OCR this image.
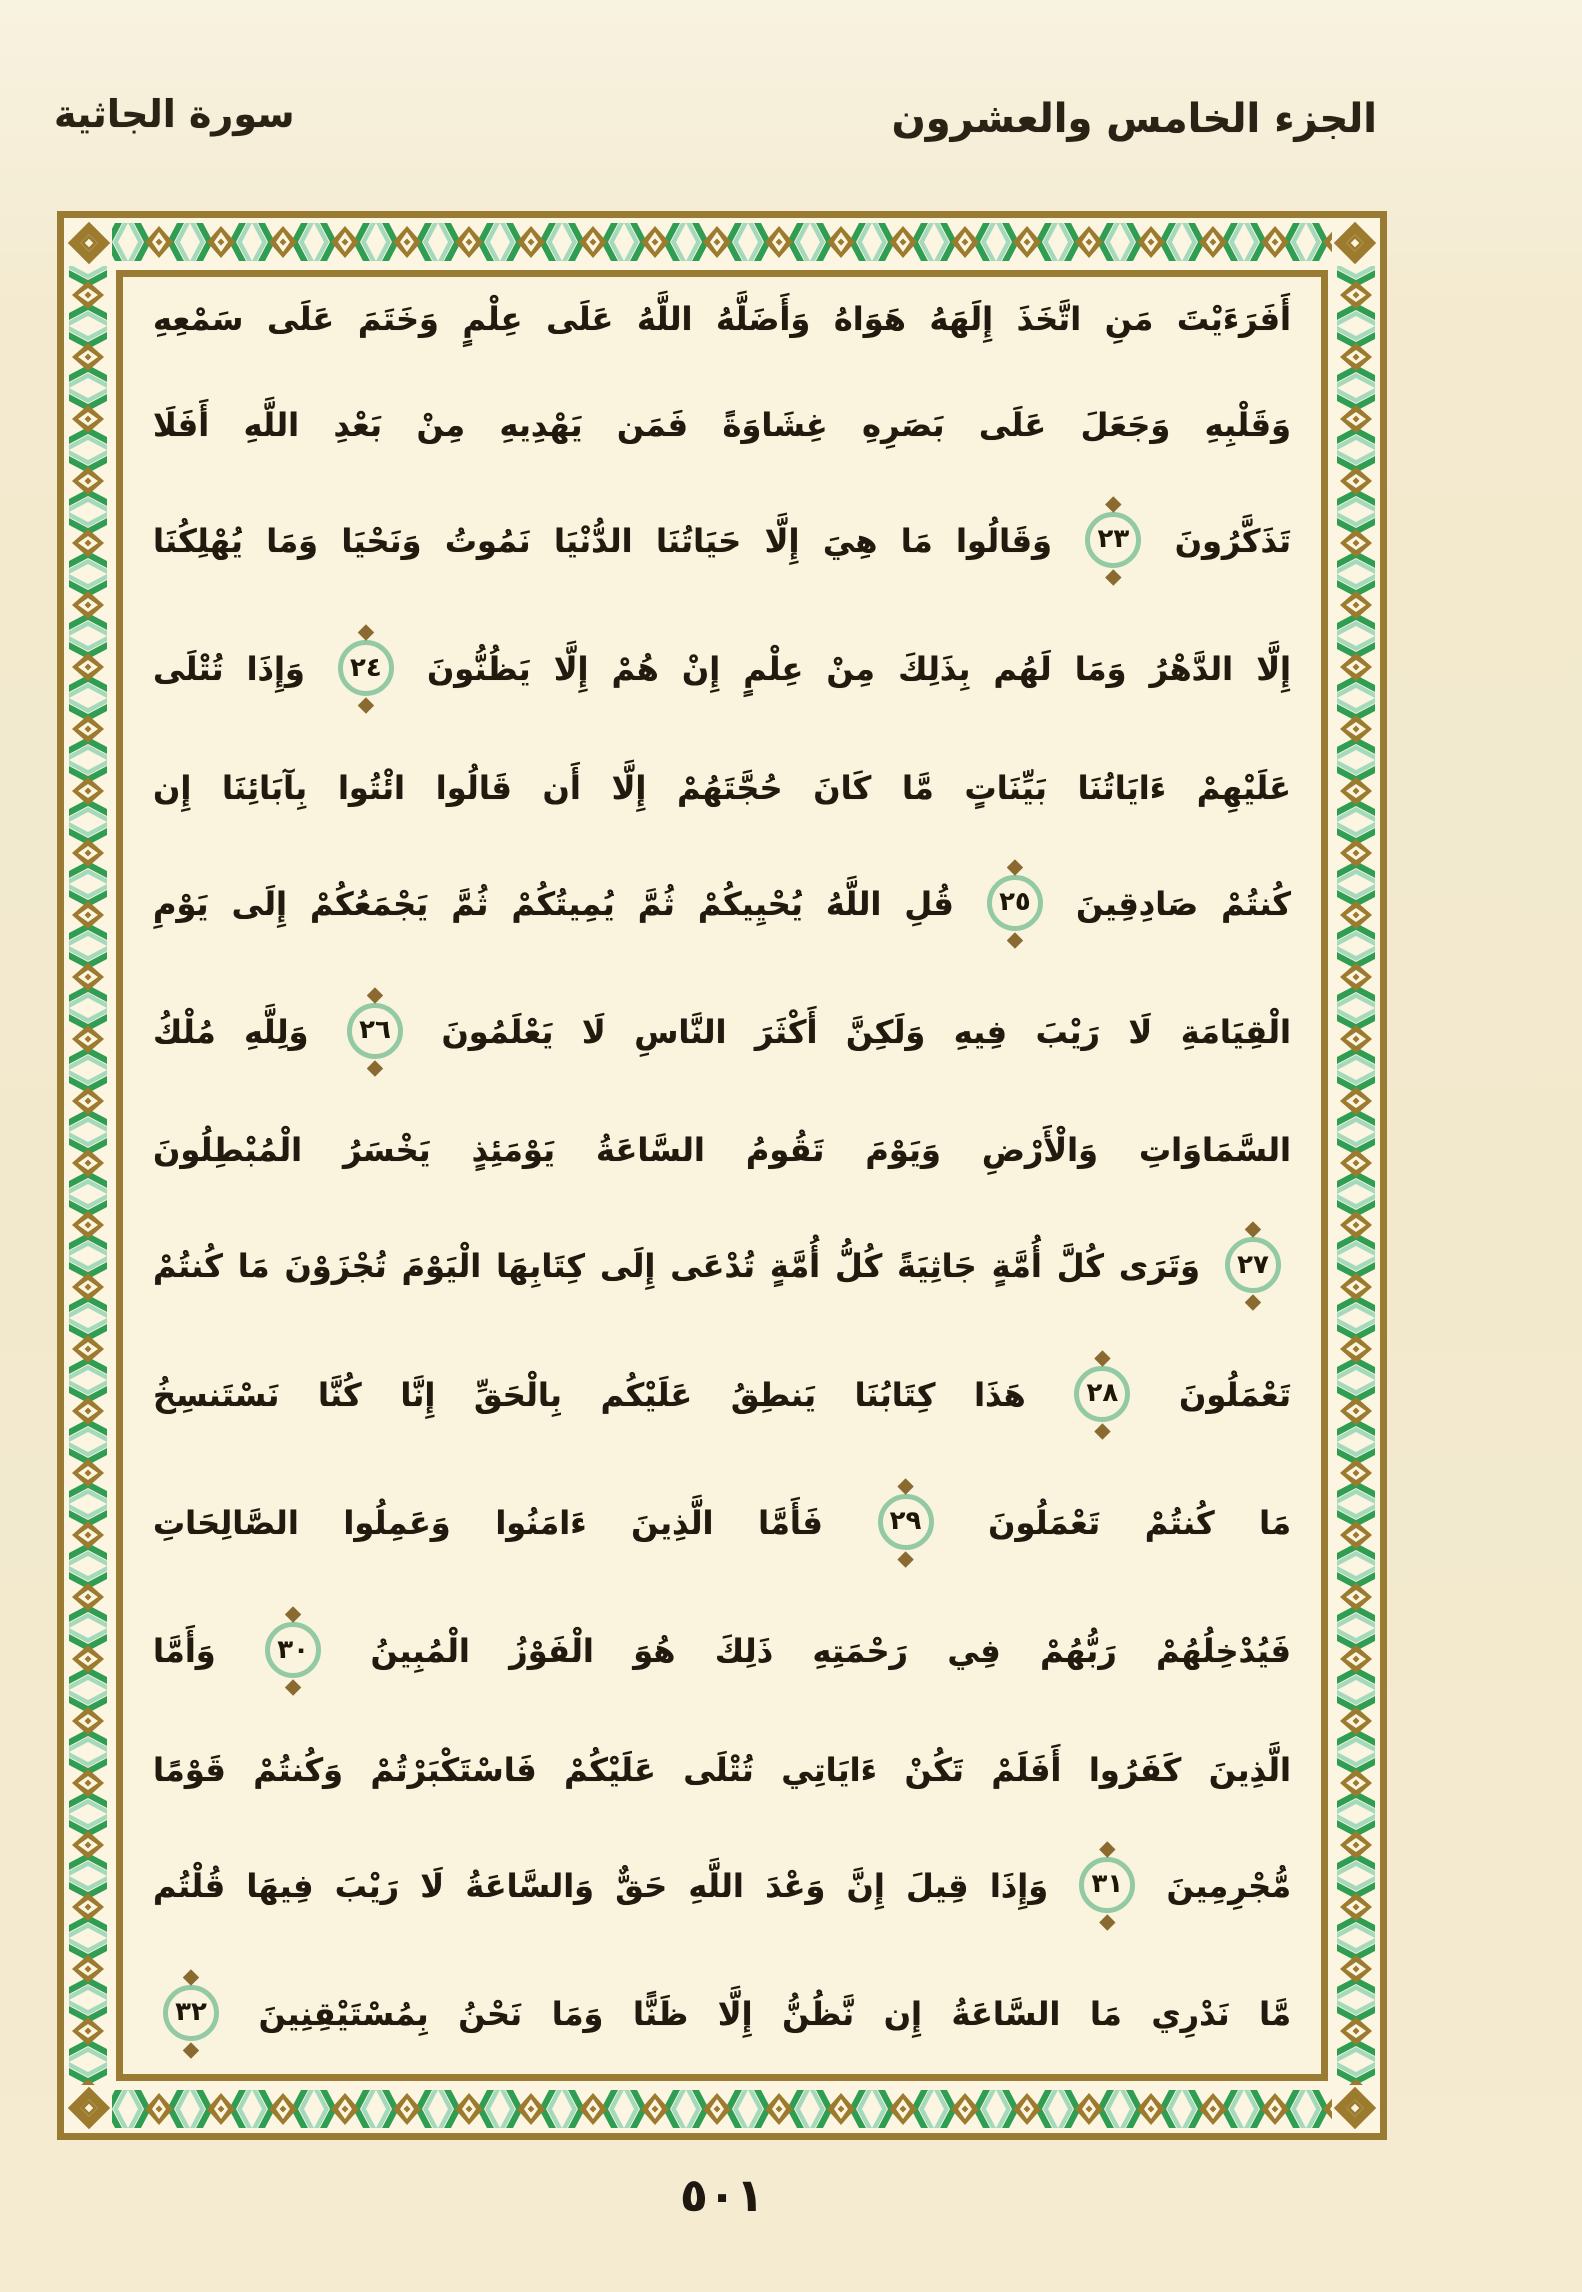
الجزء الخامس والعشرون
سورة الجاثية
أَفَرَءَيْتَ مَنِ اتَّخَذَ إِلَهَهُ هَوَاهُ وَأَضَلَّهُ اللَّهُ عَلَى عِلْمٍ وَخَتَمَ عَلَى سَمْعِهِ
وَقَلْبِهِ وَجَعَلَ عَلَى بَصَرِهِ غِشَاوَةً فَمَن يَهْدِيهِ مِنْ بَعْدِ اللَّهِ أَفَلَا
تَذَكَّرُونَ ◆ ٢٣ ◆ وَقَالُوا مَا هِيَ إِلَّا حَيَاتُنَا الدُّنْيَا نَمُوتُ وَنَحْيَا وَمَا يُهْلِكُنَا
إِلَّا الدَّهْرُ وَمَا لَهُم بِذَلِكَ مِنْ عِلْمٍ إِنْ هُمْ إِلَّا يَظُنُّونَ ◆ ٢٤ ◆ وَإِذَا تُتْلَى
عَلَيْهِمْ ءَايَاتُنَا بَيِّنَاتٍ مَّا كَانَ حُجَّتَهُمْ إِلَّا أَن قَالُوا ائْتُوا بِآبَائِنَا إِن
كُنتُمْ صَادِقِينَ ◆ ٢٥ ◆ قُلِ اللَّهُ يُحْيِيكُمْ ثُمَّ يُمِيتُكُمْ ثُمَّ يَجْمَعُكُمْ إِلَى يَوْمِ
الْقِيَامَةِ لَا رَيْبَ فِيهِ وَلَكِنَّ أَكْثَرَ النَّاسِ لَا يَعْلَمُونَ ◆ ٢٦ ◆ وَلِلَّهِ مُلْكُ
السَّمَاوَاتِ وَالْأَرْضِ وَيَوْمَ تَقُومُ السَّاعَةُ يَوْمَئِذٍ يَخْسَرُ الْمُبْطِلُونَ
◆ ٢٧ ◆ وَتَرَى كُلَّ أُمَّةٍ جَاثِيَةً كُلُّ أُمَّةٍ تُدْعَى إِلَى كِتَابِهَا الْيَوْمَ تُجْزَوْنَ مَا كُنتُمْ
تَعْمَلُونَ ◆ ٢٨ ◆ هَذَا كِتَابُنَا يَنطِقُ عَلَيْكُم بِالْحَقِّ إِنَّا كُنَّا نَسْتَنسِخُ
مَا كُنتُمْ تَعْمَلُونَ ◆ ٢٩ ◆ فَأَمَّا الَّذِينَ ءَامَنُوا وَعَمِلُوا الصَّالِحَاتِ
فَيُدْخِلُهُمْ رَبُّهُمْ فِي رَحْمَتِهِ ذَلِكَ هُوَ الْفَوْزُ الْمُبِينُ ◆ ٣٠ ◆ وَأَمَّا
الَّذِينَ كَفَرُوا أَفَلَمْ تَكُنْ ءَايَاتِي تُتْلَى عَلَيْكُمْ فَاسْتَكْبَرْتُمْ وَكُنتُمْ قَوْمًا
مُّجْرِمِينَ ◆ ٣١ ◆ وَإِذَا قِيلَ إِنَّ وَعْدَ اللَّهِ حَقٌّ وَالسَّاعَةُ لَا رَيْبَ فِيهَا قُلْتُم
مَّا نَدْرِي مَا السَّاعَةُ إِن نَّظُنُّ إِلَّا ظَنًّا وَمَا نَحْنُ بِمُسْتَيْقِنِينَ ◆ ٣٢ ◆
٥٠١
